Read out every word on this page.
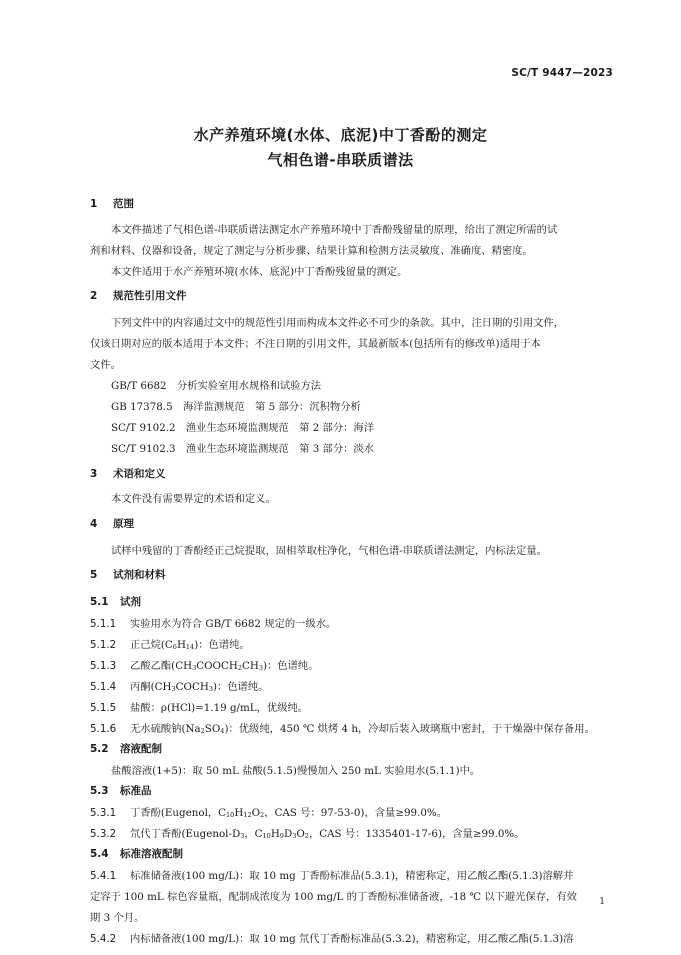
SC/T 9447—2023
水产养殖环境(水体、底泥)中丁香酚的测定
气相色谱-串联质谱法
1 范围
本文件描述了气相色谱-串联质谱法测定水产养殖环境中丁香酚残留量的原理，给出了测定所需的试
剂和材料、仪器和设备，规定了测定与分析步骤、结果计算和检测方法灵敏度、准确度、精密度。
本文件适用于水产养殖环境(水体、底泥)中丁香酚残留量的测定。
2 规范性引用文件
下列文件中的内容通过文中的规范性引用而构成本文件必不可少的条款。其中，注日期的引用文件，
仅该日期对应的版本适用于本文件；不注日期的引用文件，其最新版本(包括所有的修改单)适用于本
文件。
GB/T 6682　分析实验室用水规格和试验方法
GB 17378.5　海洋监测规范　第 5 部分：沉积物分析
SC/T 9102.2　渔业生态环境监测规范　第 2 部分：海洋
SC/T 9102.3　渔业生态环境监测规范　第 3 部分：淡水
3 术语和定义
本文件没有需要界定的术语和定义。
4 原理
试样中残留的丁香酚经正己烷提取，固相萃取柱净化，气相色谱-串联质谱法测定，内标法定量。
5 试剂和材料
5.1 试剂
5.1.1 实验用水为符合 GB/T 6682 规定的一级水。
5.1.2 正己烷$(C_6H_{14})$：色谱纯。
5.1.3 乙酸乙酯$(CH_3COOCH_2CH_3)$：色谱纯。
5.1.4 丙酮$(CH_3COCH_3)$：色谱纯。
5.1.5 盐酸：ρ(HCl)=1.19 g/mL，优级纯。
5.1.6 无水硫酸钠$(Na_2SO_4)$：优级纯，450 ℃ 烘烤 4 h，冷却后装入玻璃瓶中密封，于干燥器中保存备用。
5.2 溶液配制
盐酸溶液(1+5)：取 50 mL 盐酸(5.1.5)慢慢加入 250 mL 实验用水(5.1.1)中。
5.3 标准品
5.3.1 丁香酚(Eugenol，$C_{10}H_{12}O_2$，CAS 号：97-53-0)，含量≥99.0%。
5.3.2 氘代丁香酚($Eugenol-D_3$，$C_{10}H_9D_3O_2$，CAS 号：1335401-17-6)，含量≥99.0%。
5.4 标准溶液配制
5.4.1 标准储备液(100 mg/L)：取 10 mg 丁香酚标准品(5.3.1)，精密称定，用乙酸乙酯(5.1.3)溶解并
定容于 100 mL 棕色容量瓶，配制成浓度为 100 mg/L 的丁香酚标准储备液，-18 ℃ 以下避光保存，有效
期 3 个月。
5.4.2 内标储备液(100 mg/L)：取 10 mg 氘代丁香酚标准品(5.3.2)，精密称定，用乙酸乙酯(5.1.3)溶
1
